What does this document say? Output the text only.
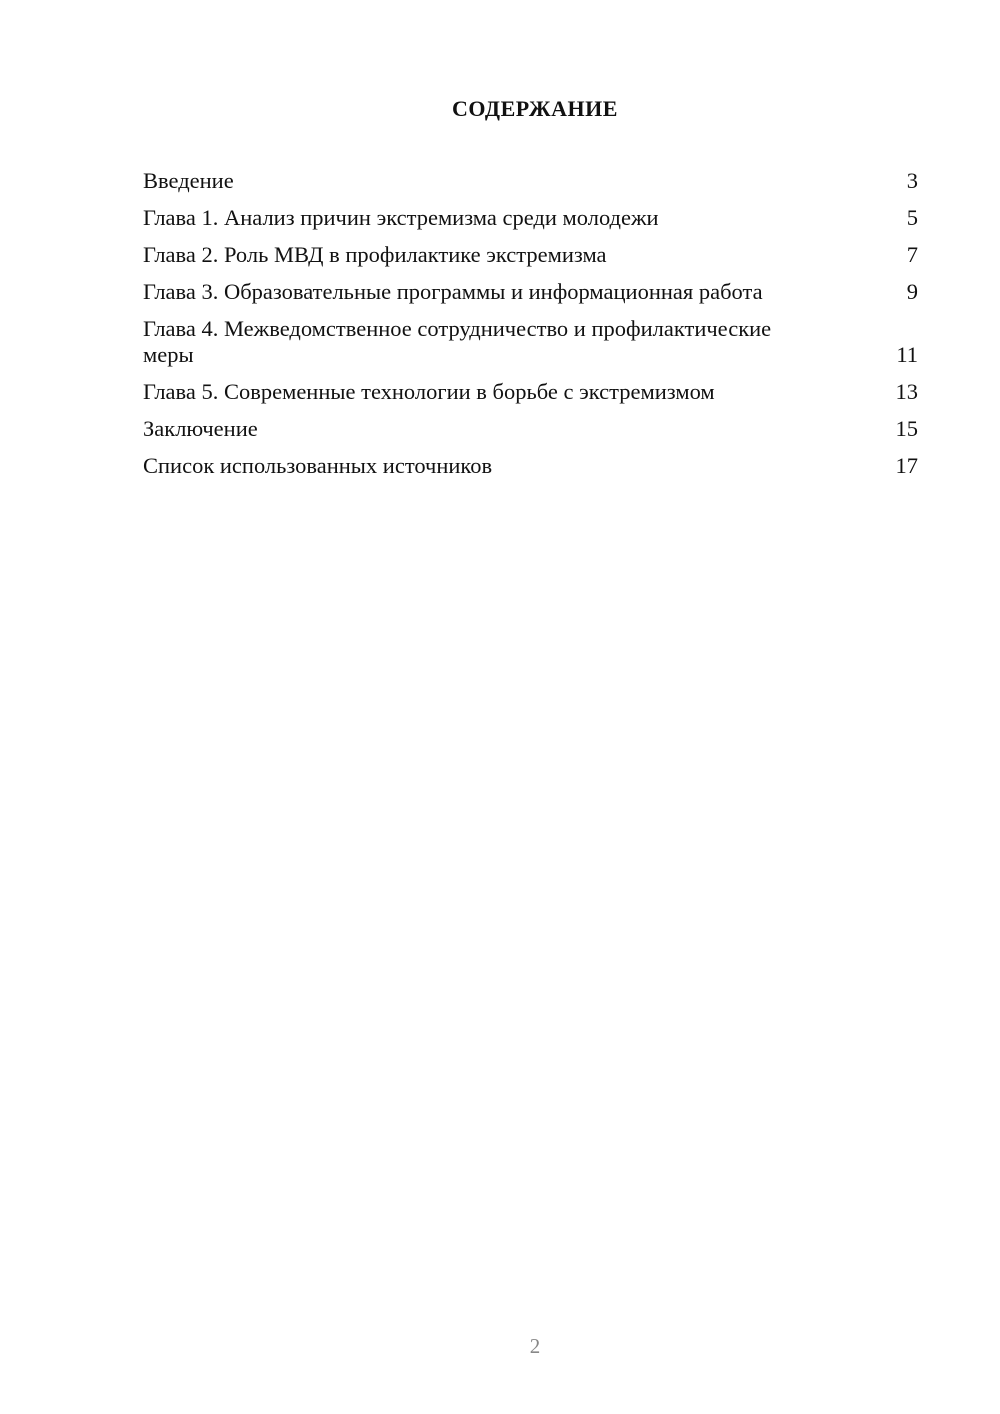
СОДЕРЖАНИЕ
Введение	3
Глава 1. Анализ причин экстремизма среди молодежи	5
Глава 2. Роль МВД в профилактике экстремизма	7
Глава 3. Образовательные программы и информационная работа	9
Глава 4. Межведомственное сотрудничество и профилактические меры	11
Глава 5. Современные технологии в борьбе с экстремизмом	13
Заключение	15
Список использованных источников	17
2
